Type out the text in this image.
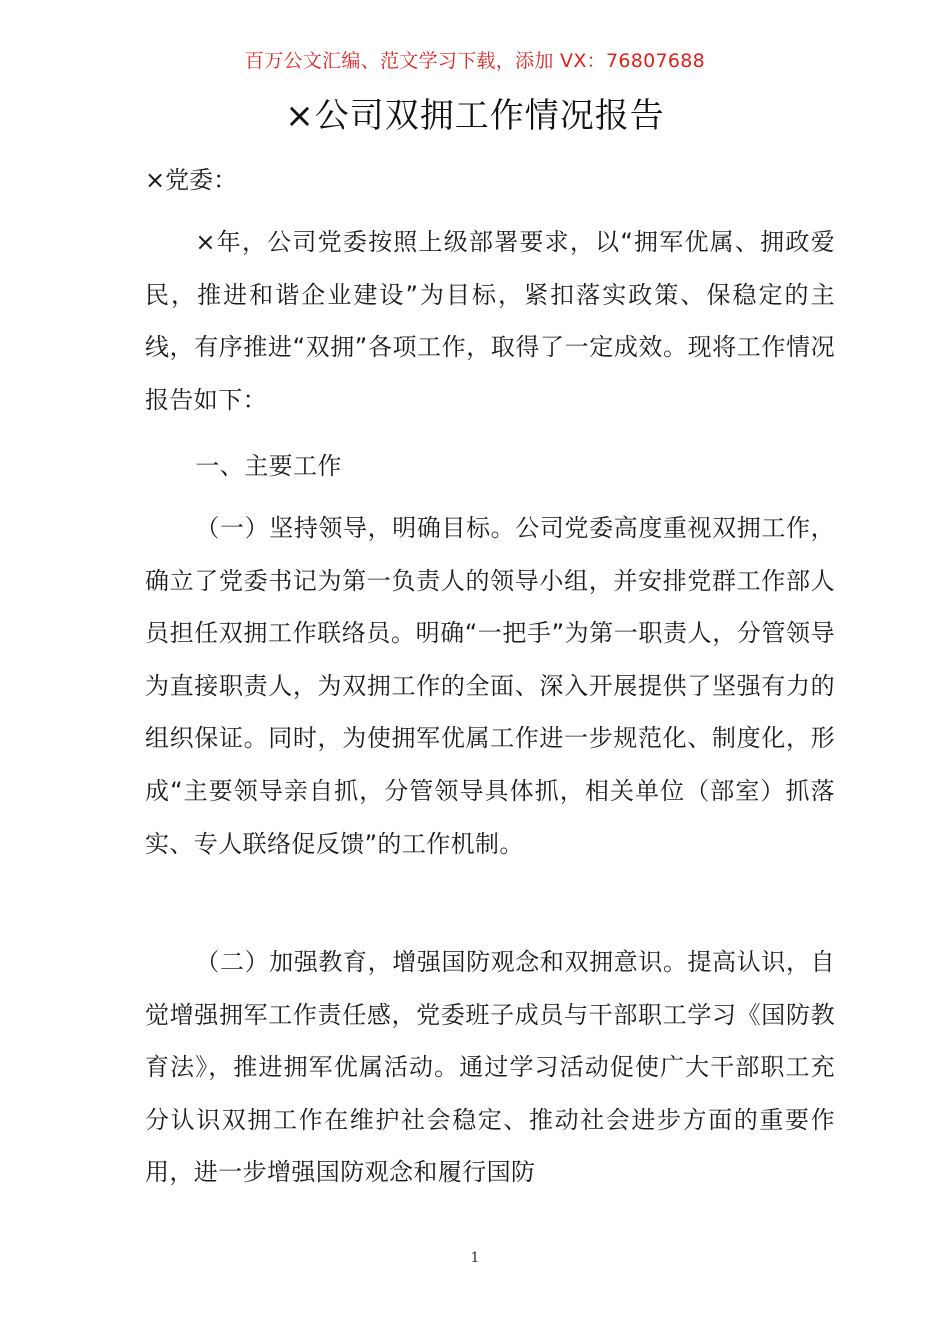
百万公文汇编、范文学习下载，添加 VX：76807688
×公司双拥工作情况报告
×党委：
×年，公司党委按照上级部署要求，以“拥军优属、拥政爱民，推进和谐企业建设”为目标，紧扣落实政策、保稳定的主线，有序推进“双拥”各项工作，取得了一定成效。现将工作情况报告如下：
一、主要工作
（一）坚持领导，明确目标。公司党委高度重视双拥工作，确立了党委书记为第一负责人的领导小组，并安排党群工作部人员担任双拥工作联络员。明确“一把手”为第一职责人，分管领导为直接职责人，为双拥工作的全面、深入开展提供了坚强有力的组织保证。同时，为使拥军优属工作进一步规范化、制度化，形成“主要领导亲自抓，分管领导具体抓，相关单位（部室）抓落实、专人联络促反馈”的工作机制。
（二）加强教育，增强国防观念和双拥意识。提高认识，自觉增强拥军工作责任感，党委班子成员与干部职工学习《国防教育法》，推进拥军优属活动。通过学习活动促使广大干部职工充分认识双拥工作在维护社会稳定、推动社会进步方面的重要作用，进一步增强国防观念和履行国防
1
